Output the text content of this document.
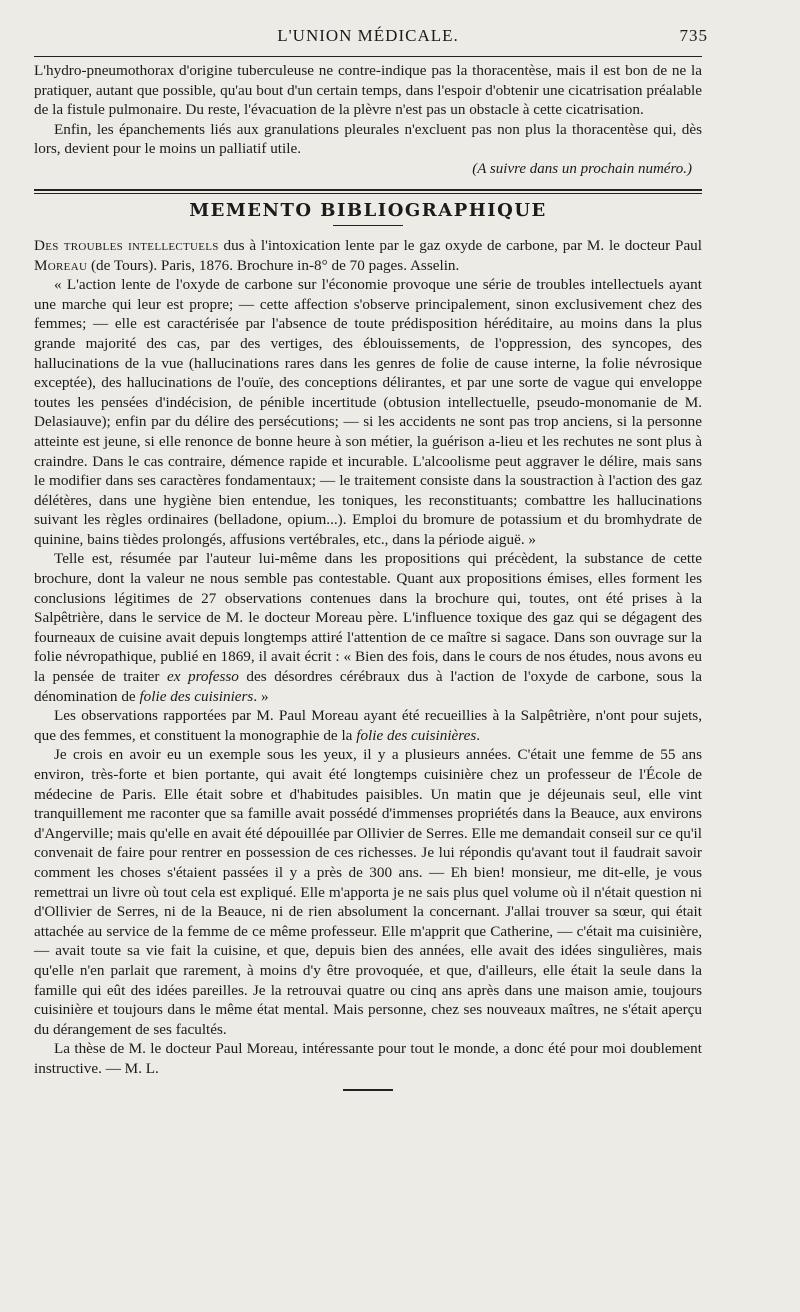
L'UNION MÉDICALE.	735

L'hydro-pneumothorax d'origine tuberculeuse ne contre-indique pas la thoracentèse, mais il est bon de ne la pratiquer, autant que possible, qu'au bout d'un certain temps, dans l'espoir d'obtenir une cicatrisation préalable de la fistule pulmonaire. Du reste, l'évacuation de la plèvre n'est pas un obstacle à cette cicatrisation.

Enfin, les épanchements liés aux granulations pleurales n'excluent pas non plus la thoracentèse qui, dès lors, devient pour le moins un palliatif utile.

(A suivre dans un prochain numéro.)
MEMENTO BIBLIOGRAPHIQUE

Des troubles intellectuels dus à l'intoxication lente par le gaz oxyde de carbone, par M. le docteur Paul Moreau (de Tours). Paris, 1876. Brochure in-8° de 70 pages. Asselin.

« L'action lente de l'oxyde de carbone sur l'économie provoque une série de troubles intellectuels ayant une marche qui leur est propre; — cette affection s'observe principalement, sinon exclusivement chez des femmes; — elle est caractérisée par l'absence de toute prédisposition héréditaire, au moins dans la plus grande majorité des cas, par des vertiges, des éblouissements, de l'oppression, des syncopes, des hallucinations de la vue (hallucinations rares dans les genres de folie de cause interne, la folie névrosique exceptée), des hallucinations de l'ouïe, des conceptions délirantes, et par une sorte de vague qui enveloppe toutes les pensées d'indécision, de pénible incertitude (obtusion intellectuelle, pseudo-monomanie de M. Delasiauve); enfin par du délire des persécutions; — si les accidents ne sont pas trop anciens, si la personne atteinte est jeune, si elle renonce de bonne heure à son métier, la guérison a-lieu et les rechutes ne sont plus à craindre. Dans le cas contraire, démence rapide et incurable. L'alcoolisme peut aggraver le délire, mais sans le modifier dans ses caractères fondamentaux; — le traitement consiste dans la soustraction à l'action des gaz délétères, dans une hygiène bien entendue, les toniques, les reconstituants; combattre les hallucinations suivant les règles ordinaires (belladone, opium...). Emploi du bromure de potassium et du bromhydrate de quinine, bains tièdes prolongés, affusions vertébrales, etc., dans la période aiguë. »

Telle est, résumée par l'auteur lui-même dans les propositions qui précèdent, la substance de cette brochure, dont la valeur ne nous semble pas contestable. Quant aux propositions émises, elles forment les conclusions légitimes de 27 observations contenues dans la brochure qui, toutes, ont été prises à la Salpêtrière, dans le service de M. le docteur Moreau père. L'influence toxique des gaz qui se dégagent des fourneaux de cuisine avait depuis longtemps attiré l'attention de ce maître si sagace. Dans son ouvrage sur la folie névropathique, publié en 1869, il avait écrit : « Bien des fois, dans le cours de nos études, nous avons eu la pensée de traiter ex professo des désordres cérébraux dus à l'action de l'oxyde de carbone, sous la dénomination de folie des cuisiniers. »

Les observations rapportées par M. Paul Moreau ayant été recueillies à la Salpêtrière, n'ont pour sujets, que des femmes, et constituent la monographie de la folie des cuisinières.

Je crois en avoir eu un exemple sous les yeux, il y a plusieurs années. C'était une femme de 55 ans environ, très-forte et bien portante, qui avait été longtemps cuisinière chez un professeur de l'École de médecine de Paris. Elle était sobre et d'habitudes paisibles. Un matin que je déjeunais seul, elle vint tranquillement me raconter que sa famille avait possédé d'immenses propriétés dans la Beauce, aux environs d'Angerville; mais qu'elle en avait été dépouillée par Ollivier de Serres. Elle me demandait conseil sur ce qu'il convenait de faire pour rentrer en possession de ces richesses. Je lui répondis qu'avant tout il faudrait savoir comment les choses s'étaient passées il y a près de 300 ans. — Eh bien! monsieur, me dit-elle, je vous remettrai un livre où tout cela est expliqué. Elle m'apporta je ne sais plus quel volume où il n'était question ni d'Ollivier de Serres, ni de la Beauce, ni de rien absolument la concernant. J'allai trouver sa sœur, qui était attachée au service de la femme de ce même professeur. Elle m'apprit que Catherine, — c'était ma cuisinière, — avait toute sa vie fait la cuisine, et que, depuis bien des années, elle avait des idées singulières, mais qu'elle n'en parlait que rarement, à moins d'y être provoquée, et que, d'ailleurs, elle était la seule dans la famille qui eût des idées pareilles. Je la retrouvai quatre ou cinq ans après dans une maison amie, toujours cuisinière et toujours dans le même état mental. Mais personne, chez ses nouveaux maîtres, ne s'était aperçu du dérangement de ses facultés.

La thèse de M. le docteur Paul Moreau, intéressante pour tout le monde, a donc été pour moi doublement instructive. — M. L.
